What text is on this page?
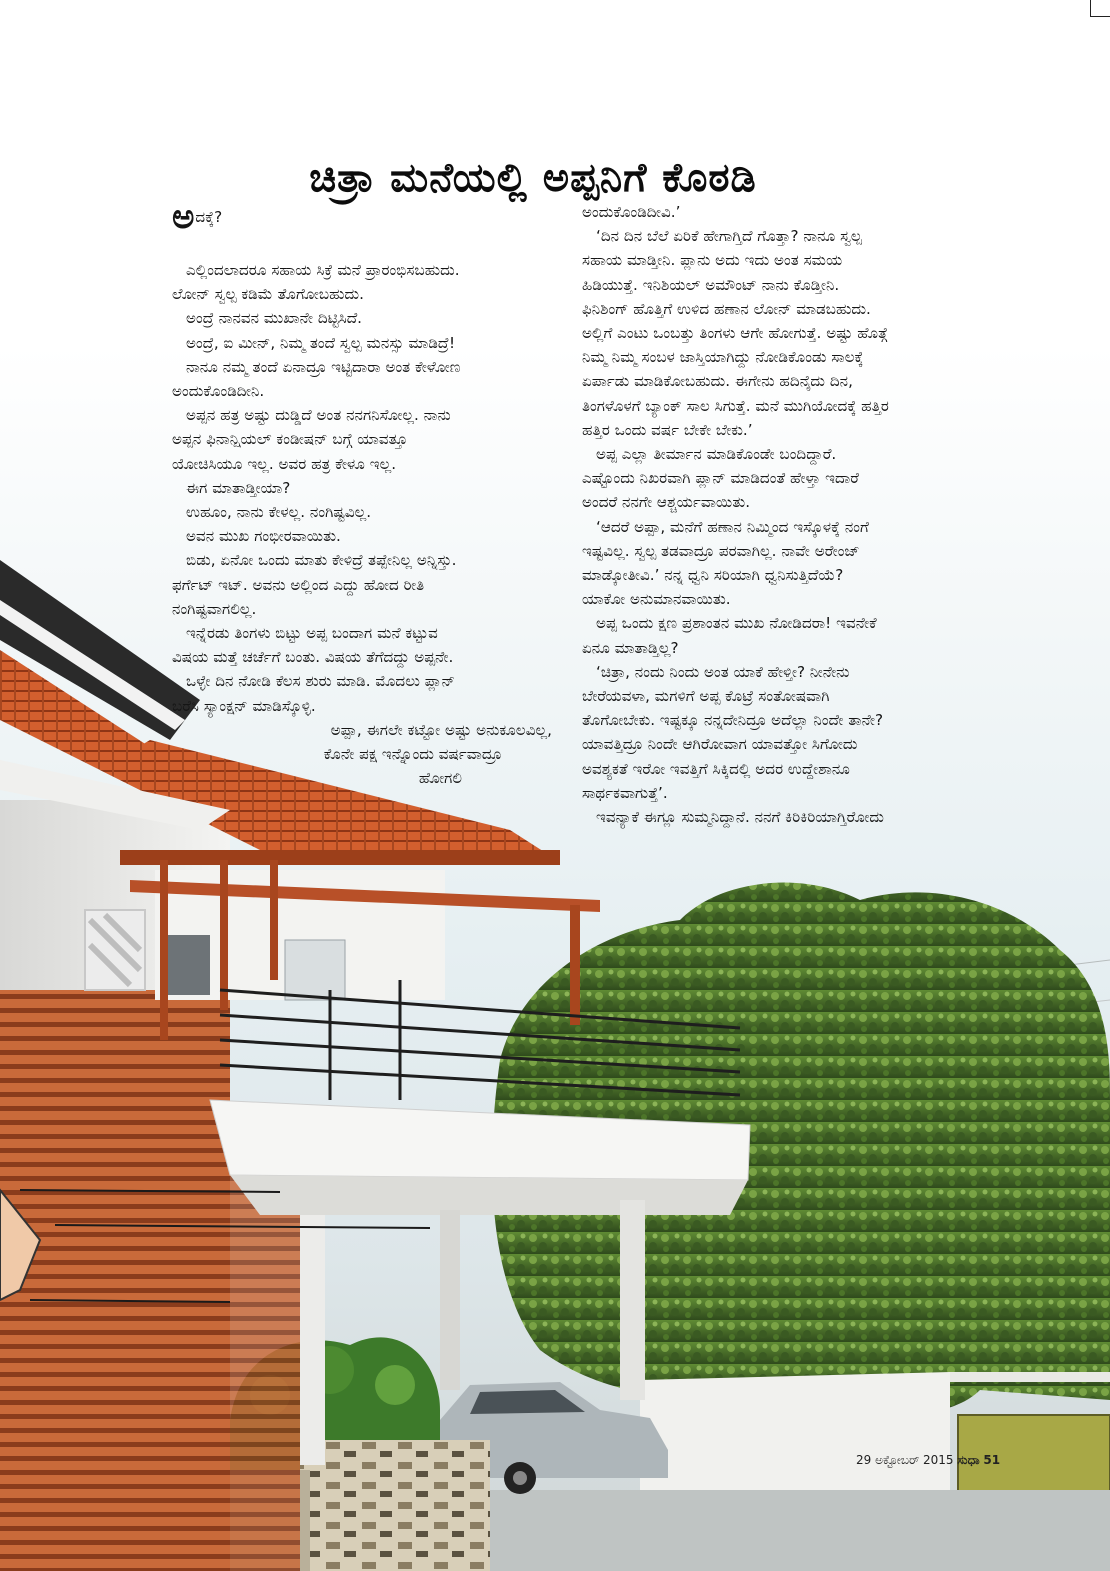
ಚಿತ್ರಾ ಮನೆಯಲ್ಲಿ ಅಪ್ಪನಿಗೆ ಕೊಠಡಿ

ಅದಕ್ಕೆ?

ಎಲ್ಲಿಂದಲಾದರೂ ಸಹಾಯ ಸಿಕ್ರೆ ಮನೆ ಪ್ರಾರಂಭಿಸಬಹುದು.

ಲೋನ್ ಸ್ವಲ್ಪ ಕಡಿಮೆ ತೊಗೋಬಹುದು.

ಅಂದ್ರೆ ನಾನವನ ಮುಖಾನೇ ದಿಟ್ಟಿಸಿದೆ.

ಅಂದ್ರೆ, ಐ ಮೀನ್, ನಿಮ್ಮ ತಂದೆ ಸ್ವಲ್ಪ ಮನಸ್ಸು ಮಾಡಿದ್ರೆ!

ನಾನೂ ನಮ್ಮ ತಂದೆ ಏನಾದ್ರೂ ಇಟ್ಟಿದಾರಾ ಅಂತ ಕೇಳೋಣ

ಅಂದುಕೊಂಡಿದೀನಿ.

ಅಪ್ಪನ ಹತ್ರ ಅಷ್ಟು ದುಡ್ಡಿದೆ ಅಂತ ನನಗನಿಸೋಲ್ಲ. ನಾನು

ಅಪ್ಪನ ಫಿನಾನ್ಷಿಯಲ್ ಕಂಡೀಷನ್ ಬಗ್ಗೆ ಯಾವತ್ತೂ

ಯೋಚಿಸಿಯೂ ಇಲ್ಲ. ಅವರ ಹತ್ರ ಕೇಳೂ ಇಲ್ಲ.

ಈಗ ಮಾತಾಡ್ತೀಯಾ?

ಉಹೂಂ, ನಾನು ಕೇಳಲ್ಲ. ನಂಗಿಷ್ಟವಿಲ್ಲ.

ಅವನ ಮುಖ ಗಂಭೀರವಾಯಿತು.

ಬಿಡು, ಏನೋ ಒಂದು ಮಾತು ಕೇಳಿದ್ರೆ ತಪ್ಪೇನಿಲ್ಲ ಅನ್ನಿಸ್ತು.

ಫರ್ಗೆಟ್ ಇಟ್. ಅವನು ಅಲ್ಲಿಂದ ಎದ್ದು ಹೋದ ರೀತಿ

ನಂಗಿಷ್ಟವಾಗಲಿಲ್ಲ.

ಇನ್ನೆರಡು ತಿಂಗಳು ಬಿಟ್ಟು ಅಪ್ಪ ಬಂದಾಗ ಮನೆ ಕಟ್ಟುವ

ವಿಷಯ ಮತ್ತೆ ಚರ್ಚೆಗೆ ಬಂತು. ವಿಷಯ ತೆಗೆದದ್ದು ಅಪ್ಪನೇ.

ಒಳ್ಳೇ ದಿನ ನೋಡಿ ಕೆಲಸ ಶುರು ಮಾಡಿ. ಮೊದಲು ಪ್ಲಾನ್

ಬರೆಸಿ ಸ್ಯಾಂಕ್ಷನ್ ಮಾಡಿಸ್ಕೊಳ್ಳಿ.

ಅಪ್ಪಾ, ಈಗಲೇ ಕಟ್ಟೋ ಅಷ್ಟು ಅನುಕೂಲವಿಲ್ಲ,

ಕೊನೇ ಪಕ್ಷ ಇನ್ನೊಂದು ವರ್ಷವಾದ್ರೂ

ಹೋಗಲಿ

ಅಂದುಕೊಂಡಿದೀವಿ.’

‘ದಿನ ದಿನ ಬೆಲೆ ಏರಿಕೆ ಹೇಗಾಗ್ತಿದೆ ಗೊತ್ತಾ? ನಾನೂ ಸ್ವಲ್ಪ

ಸಹಾಯ ಮಾಡ್ತೀನಿ. ಪ್ಲಾನು ಅದು ಇದು ಅಂತ ಸಮಯ

ಹಿಡಿಯುತ್ತೆ. ಇನಿಶಿಯಲ್ ಅಮೌಂಟ್ ನಾನು ಕೊಡ್ತೀನಿ.

ಫಿನಿಶಿಂಗ್ ಹೊತ್ತಿಗೆ ಉಳಿದ ಹಣಾನ ಲೋನ್ ಮಾಡಬಹುದು.

ಅಲ್ಲಿಗೆ ಎಂಟು ಒಂಬತ್ತು ತಿಂಗಳು ಆಗೇ ಹೋಗುತ್ತೆ. ಅಷ್ಟು ಹೊತ್ಗೆ

ನಿಮ್ಮ ನಿಮ್ಮ ಸಂಬಳ ಜಾಸ್ತಿಯಾಗಿದ್ದು ನೋಡಿಕೊಂಡು ಸಾಲಕ್ಕೆ

ಏರ್ಪಾಡು ಮಾಡಿಕೋಬಹುದು. ಈಗೇನು ಹದಿನೈದು ದಿನ,

ತಿಂಗಳೊಳಗೆ ಬ್ಯಾಂಕ್ ಸಾಲ ಸಿಗುತ್ತೆ. ಮನೆ ಮುಗಿಯೋದಕ್ಕೆ ಹತ್ತಿರ

ಹತ್ತಿರ ಒಂದು ವರ್ಷ ಬೇಕೇ ಬೇಕು.’

ಅಪ್ಪ ಎಲ್ಲಾ ತೀರ್ಮಾನ ಮಾಡಿಕೊಂಡೇ ಬಂದಿದ್ದಾರೆ.

ಎಷ್ಟೊಂದು ನಿಖರವಾಗಿ ಪ್ಲಾನ್ ಮಾಡಿದಂತೆ ಹೇಳ್ತಾ ಇದಾರೆ

ಅಂದರೆ ನನಗೇ ಆಶ್ಚರ್ಯವಾಯಿತು.

‘ಆದರೆ ಅಪ್ಪಾ, ಮನೆಗೆ ಹಣಾನ ನಿಮ್ಮಿಂದ ಇಸ್ಕೊಳಕ್ಕೆ ನಂಗೆ

ಇಷ್ಟವಿಲ್ಲ. ಸ್ವಲ್ಪ ತಡವಾದ್ರೂ ಪರವಾಗಿಲ್ಲ. ನಾವೇ ಅರೇಂಜ್

ಮಾಡ್ಕೋತೀವಿ.’ ನನ್ನ ಧ್ವನಿ ಸರಿಯಾಗಿ ಧ್ವನಿಸುತ್ತಿದೆಯೆ?

ಯಾಕೋ ಅನುಮಾನವಾಯಿತು.

ಅಪ್ಪ ಒಂದು ಕ್ಷಣ ಪ್ರಶಾಂತನ ಮುಖ ನೋಡಿದರಾ! ಇವನೇಕೆ

ಏನೂ ಮಾತಾಡ್ತಿಲ್ಲ?

‘ಚಿತ್ರಾ, ನಂದು ನಿಂದು ಅಂತ ಯಾಕೆ ಹೇಳ್ತೀ? ನೀನೇನು

ಬೇರೆಯವಳಾ, ಮಗಳಿಗೆ ಅಪ್ಪ ಕೊಟ್ರೆ ಸಂತೋಷವಾಗಿ

ತೊಗೋಬೇಕು. ಇಷ್ಟಕ್ಕೂ ನನ್ನದೇನಿದ್ರೂ ಅದೆಲ್ಲಾ ನಿಂದೇ ತಾನೇ?

ಯಾವತ್ತಿದ್ರೂ ನಿಂದೇ ಆಗಿರೋವಾಗ ಯಾವತ್ತೋ ಸಿಗೋದು

ಅವಶ್ಯಕತೆ ಇರೋ ಇವತ್ತಿಗೆ ಸಿಕ್ಕಿದಲ್ಲಿ ಅದರ ಉದ್ದೇಶಾನೂ

ಸಾರ್ಥಕವಾಗುತ್ತೆ’.

ಇವನ್ಯಾಕೆ ಈಗ್ಲೂ ಸುಮ್ಮನಿದ್ದಾನೆ. ನನಗೆ ಕಿರಿಕಿರಿಯಾಗ್ತಿರೋದು

29 ಅಕ್ಟೋಬರ್ 2015 ಸುಧಾ 51
